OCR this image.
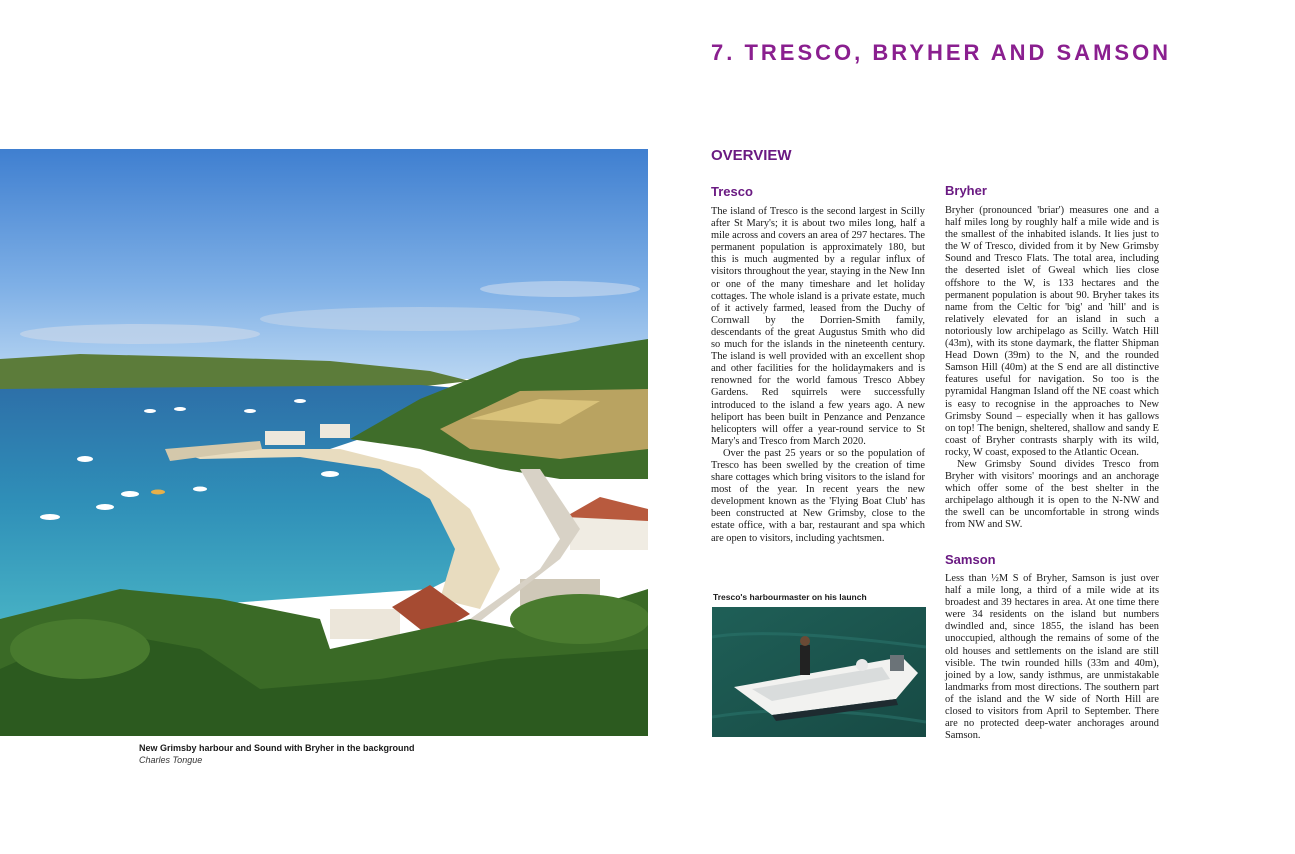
7. TRESCO, BRYHER AND SAMSON
New Grimsby harbour and Sound with Bryher in the background
Charles Tongue
OVERVIEW
Tresco

The island of Tresco is the second largest in Scilly after St Mary's; it is about two miles long, half a mile across and covers an area of 297 hectares. The permanent population is approximately 180, but this is much augmented by a regular influx of visitors throughout the year, staying in the New Inn or one of the many timeshare and let holiday cottages. The whole island is a private estate, much of it actively farmed, leased from the Duchy of Cornwall by the Dorrien-Smith family, descendants of the great Augustus Smith who did so much for the islands in the nineteenth century. The island is well provided with an excellent shop and other facilities for the holidaymakers and is renowned for the world famous Tresco Abbey Gardens. Red squirrels were successfully introduced to the island a few years ago. A new heliport has been built in Penzance and Penzance helicopters will offer a year-round service to St Mary's and Tresco from March 2020.

Over the past 25 years or so the population of Tresco has been swelled by the creation of time share cottages which bring visitors to the island for most of the year. In recent years the new development known as the 'Flying Boat Club' has been constructed at New Grimsby, close to the estate office, with a bar, restaurant and spa which are open to visitors, including yachtsmen.

Tresco's harbourmaster on his launch
Bryher

Bryher (pronounced 'briar') measures one and a half miles long by roughly half a mile wide and is the smallest of the inhabited islands. It lies just to the W of Tresco, divided from it by New Grimsby Sound and Tresco Flats. The total area, including the deserted islet of Gweal which lies close offshore to the W, is 133 hectares and the permanent population is about 90. Bryher takes its name from the Celtic for 'big' and 'hill' and is relatively elevated for an island in such a notoriously low archipelago as Scilly. Watch Hill (43m), with its stone daymark, the flatter Shipman Head Down (39m) to the N, and the rounded Samson Hill (40m) at the S end are all distinctive features useful for navigation. So too is the pyramidal Hangman Island off the NE coast which is easy to recognise in the approaches to New Grimsby Sound – especially when it has gallows on top! The benign, sheltered, shallow and sandy E coast of Bryher contrasts sharply with its wild, rocky, W coast, exposed to the Atlantic Ocean.

New Grimsby Sound divides Tresco from Bryher with visitors' moorings and an anchorage which offer some of the best shelter in the archipelago although it is open to the N-NW and the swell can be uncomfortable in strong winds from NW and SW.

Samson

Less than ½M S of Bryher, Samson is just over half a mile long, a third of a mile wide at its broadest and 39 hectares in area. At one time there were 34 residents on the island but numbers dwindled and, since 1855, the island has been unoccupied, although the remains of some of the old houses and settlements on the island are still visible. The twin rounded hills (33m and 40m), joined by a low, sandy isthmus, are unmistakable landmarks from most directions. The southern part of the island and the W side of North Hill are closed to visitors from April to September. There are no protected deep-water anchorages around Samson.
